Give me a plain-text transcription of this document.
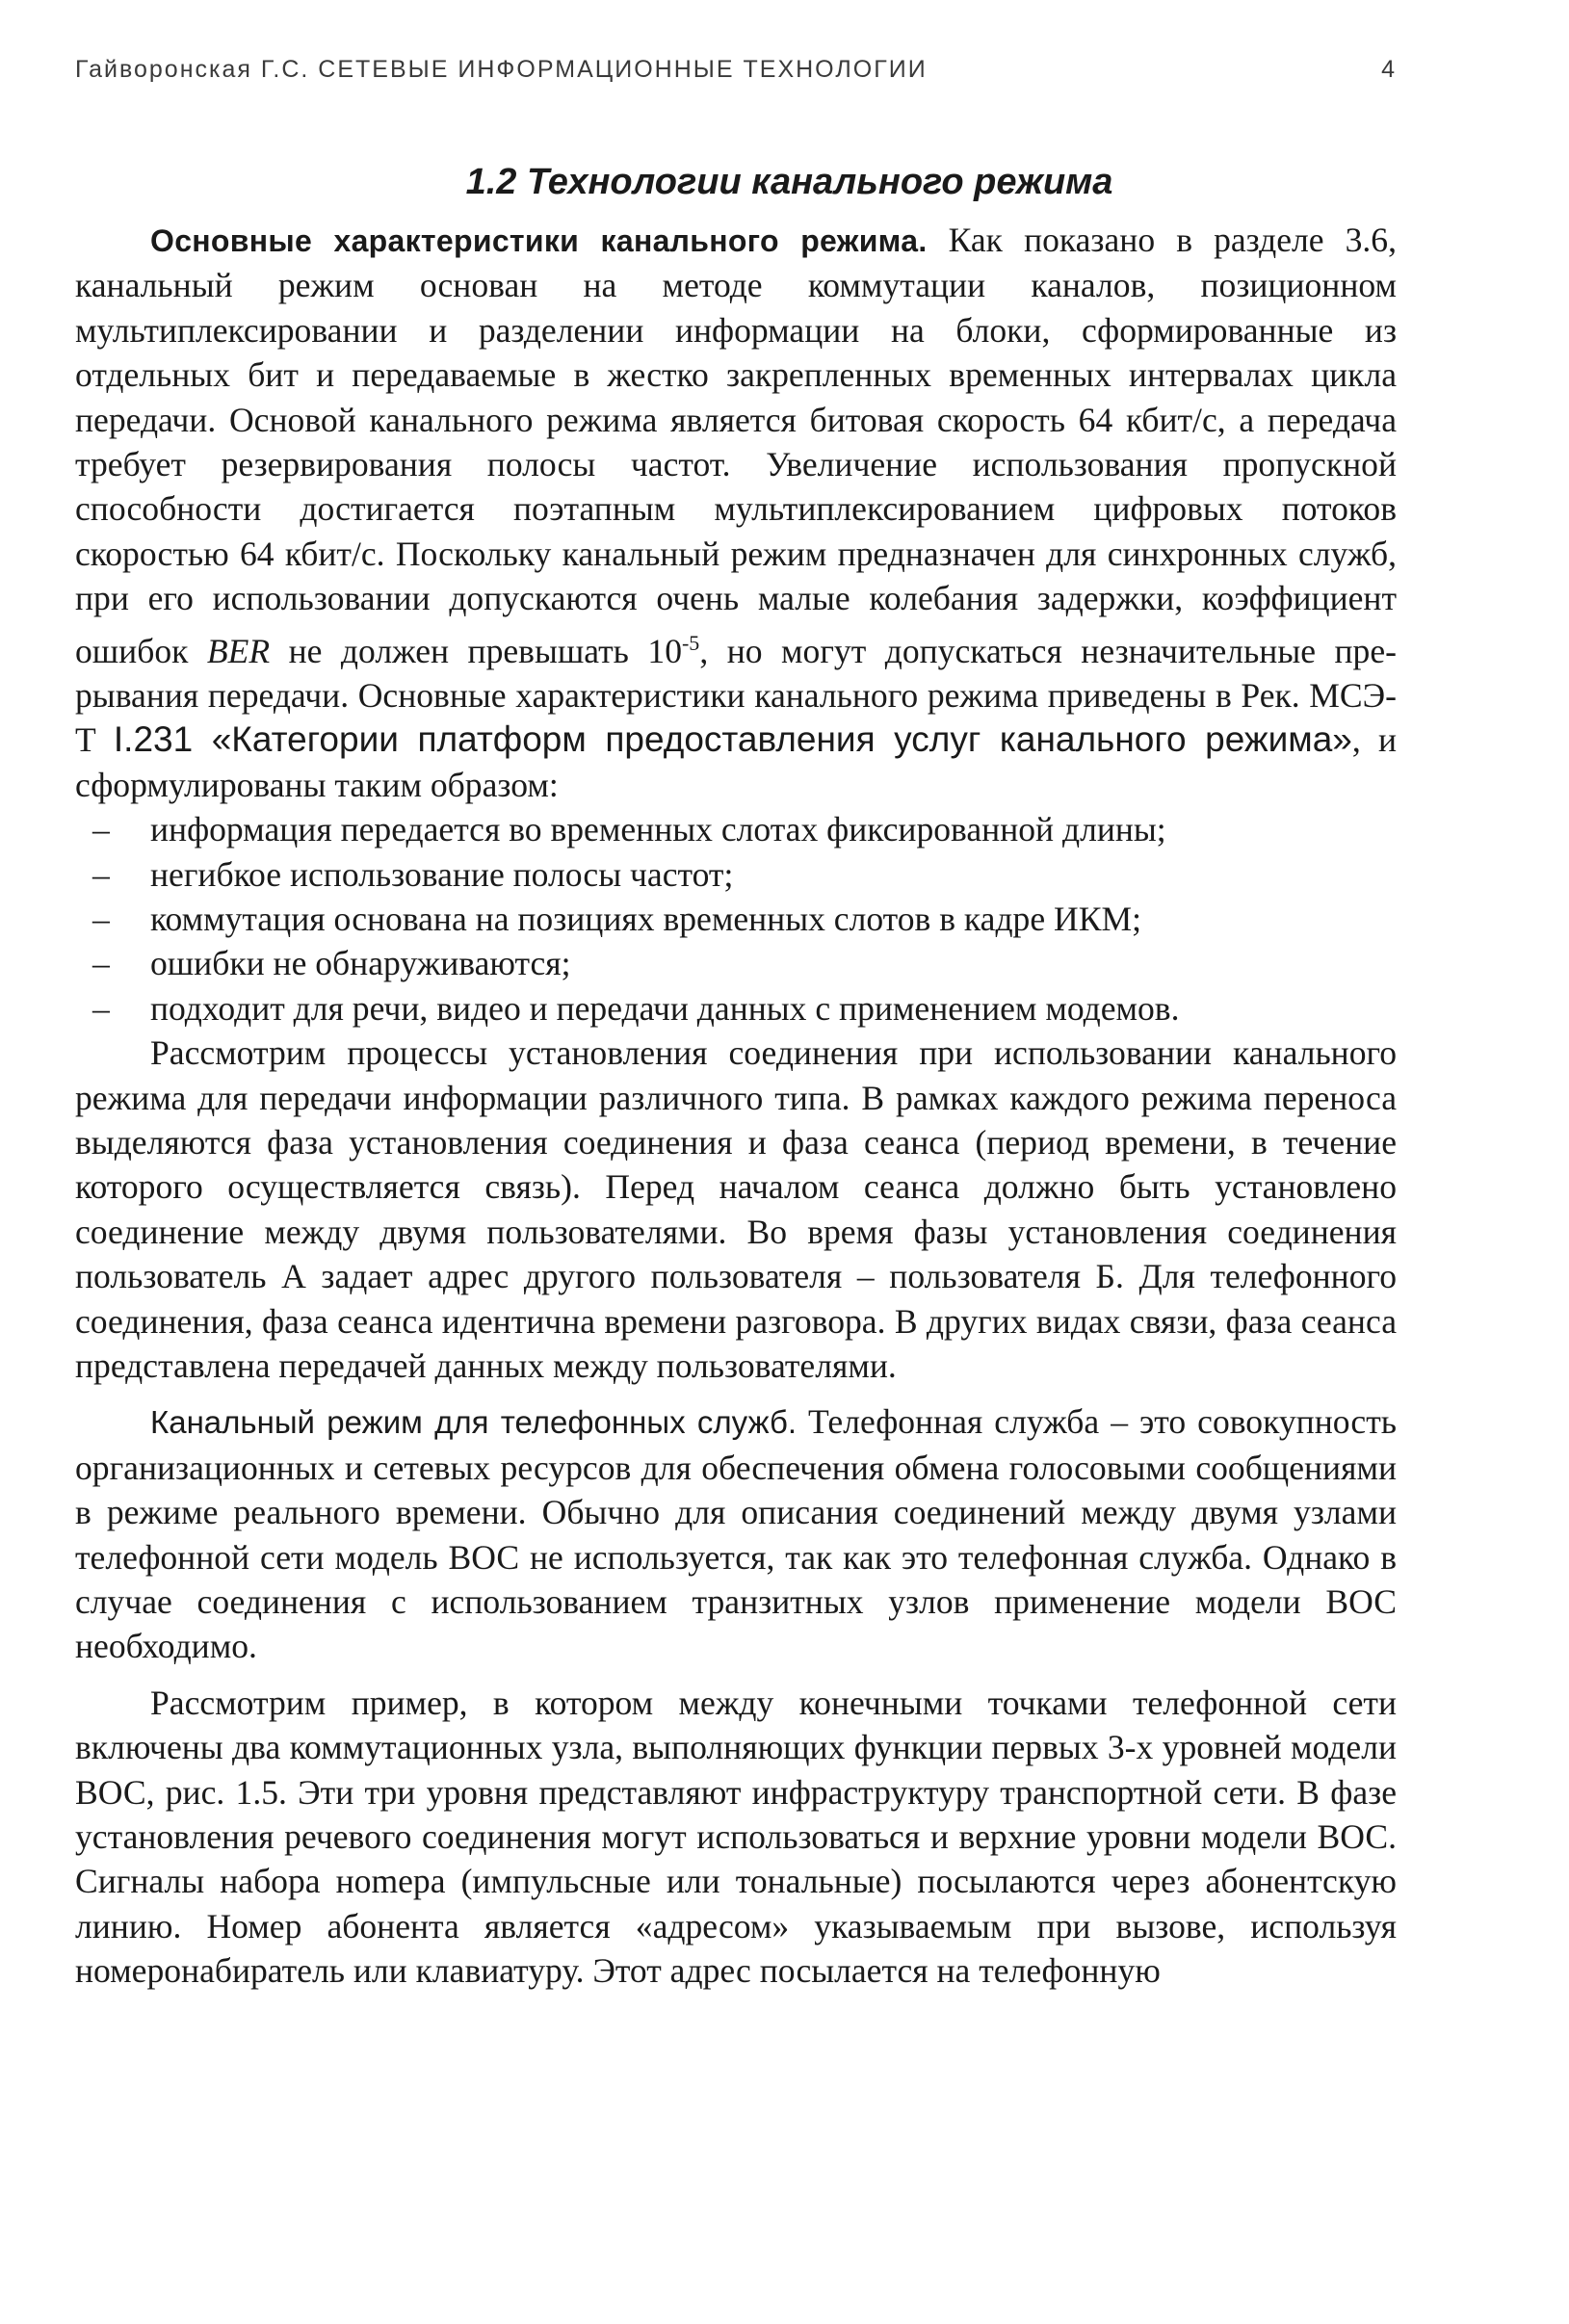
Гайворонская Г.С. СЕТЕВЫЕ ИНФОРМАЦИОННЫЕ ТЕХНОЛОГИИ	4
1.2 Технологии канального режима

Основные характеристики канального режима. Как показано в разделе 3.6, канальный режим основан на методе коммутации каналов, позиционном мультиплексировании и разделении информации на блоки, сформированные из отдельных бит и передаваемые в жестко закрепленных временных интервалах цикла передачи. Основой канального режима является битовая скорость 64 кбит/с, а передача требует резервирования полосы частот. Увеличение использования пропускной способности достигается поэтапным мультиплексированием цифровых потоков скоростью 64 кбит/с. Поскольку канальный режим предназначен для синхронных служб, при его использовании допускаются очень малые колебания задержки, коэффициент ошибок BER не должен превышать $10^{-5}$, но могут допускаться незначительные прерывания передачи. Основные характеристики канального режима приведены в Рек. МСЭ-Т I.231 «Категории платформ предоставления услуг канального режима», и сформулированы таким образом:

– информация передается во временных слотах фиксированной длины;
– негибкое использование полосы частот;
– коммутация основана на позициях временных слотов в кадре ИКМ;
– ошибки не обнаруживаются;
– подходит для речи, видео и передачи данных с применением модемов.

Рассмотрим процессы установления соединения при использовании канального режима для передачи информации различного типа. В рамках каждого режима переноса выделяются фаза установления соединения и фаза сеанса (период времени, в течение которого осуществляется связь). Перед началом сеанса должно быть установлено соединение между двумя пользователями. Во время фазы установления соединения пользователь А задает адрес другого пользователя – пользователя Б. Для телефонного соединения, фаза сеанса идентична времени разговора. В других видах связи, фаза сеанса представлена передачей данных между пользователями.

Канальный режим для телефонных служб. Телефонная служба – это совокупность организационных и сетевых ресурсов для обеспечения обмена голосовыми сообщениями в режиме реального времени. Обычно для описания соединений между двумя узлами телефонной сети модель ВОС не используется, так как это телефонная служба. Однако в случае соединения с использованием транзитных узлов применение модели ВОС необходимо.

Рассмотрим пример, в котором между конечными точками телефонной сети включены два коммутационных узла, выполняющих функции первых 3-х уровней модели ВОС, рис. 1.5. Эти три уровня представляют инфраструктуру транспортной сети. В фазе установления речевого соединения могут использоваться и верхние уровни модели ВОС. Сигналы набора ноmера (импульсные или тональные) посылаются через абонентскую линию. Номер абонента является «адресом» указываемым при вызове, используя номеронабиратель или клавиатуру. Этот адрес посылается на телефонную
